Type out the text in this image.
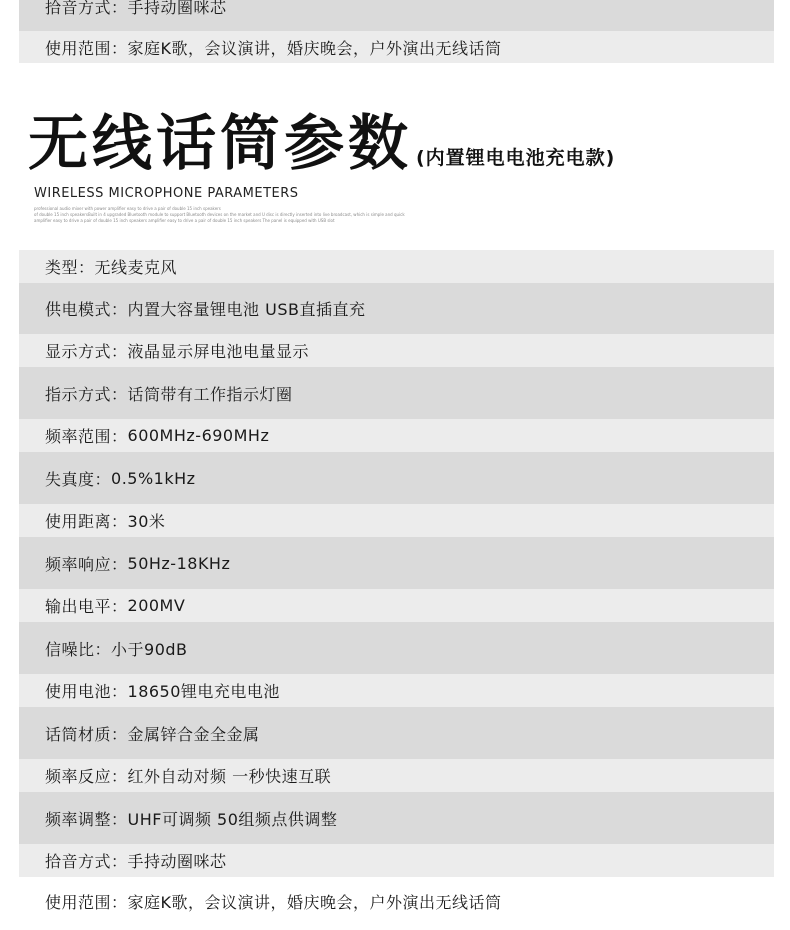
拾音方式：手持动圈咪芯
使用范围： 家庭K歌，会议演讲，婚庆晚会，户外演出无线话筒
无线话筒参数 (内置锂电电池充电款)
WIRELESS MICROPHONE PARAMETERS
professional audio mixer with power amplifier easy to drive a pair of double 15 inch speakers
of double 15 inch speakersBuilt in 4 upgraded Bluetooth module to support Bluetooth devices on the market and U disc is directly inserted into live broadcast, which is simple and quick
amplifier easy to drive a pair of double 15 inch speakers amplifier easy to drive a pair of double 15 inch speakers The panel is equipped with USB slot
类型： 无线麦克风
供电模式： 内置大容量锂电池 USB直插直充
显示方式： 液晶显示屏电池电量显示
指示方式： 话筒带有工作指示灯圈
频率范围： 600MHz-690MHz
失真度： 0.5%1kHz
使用距离： 30米
频率响应： 50Hz-18KHz
输出电平： 200MV
信噪比： 小于90dB
使用电池： 18650锂电充电电池
话筒材质： 金属锌合金全金属
频率反应： 红外自动对频 一秒快速互联
频率调整： UHF可调频 50组频点供调整
拾音方式： 手持动圈咪芯
使用范围： 家庭K歌，会议演讲，婚庆晚会，户外演出无线话筒
